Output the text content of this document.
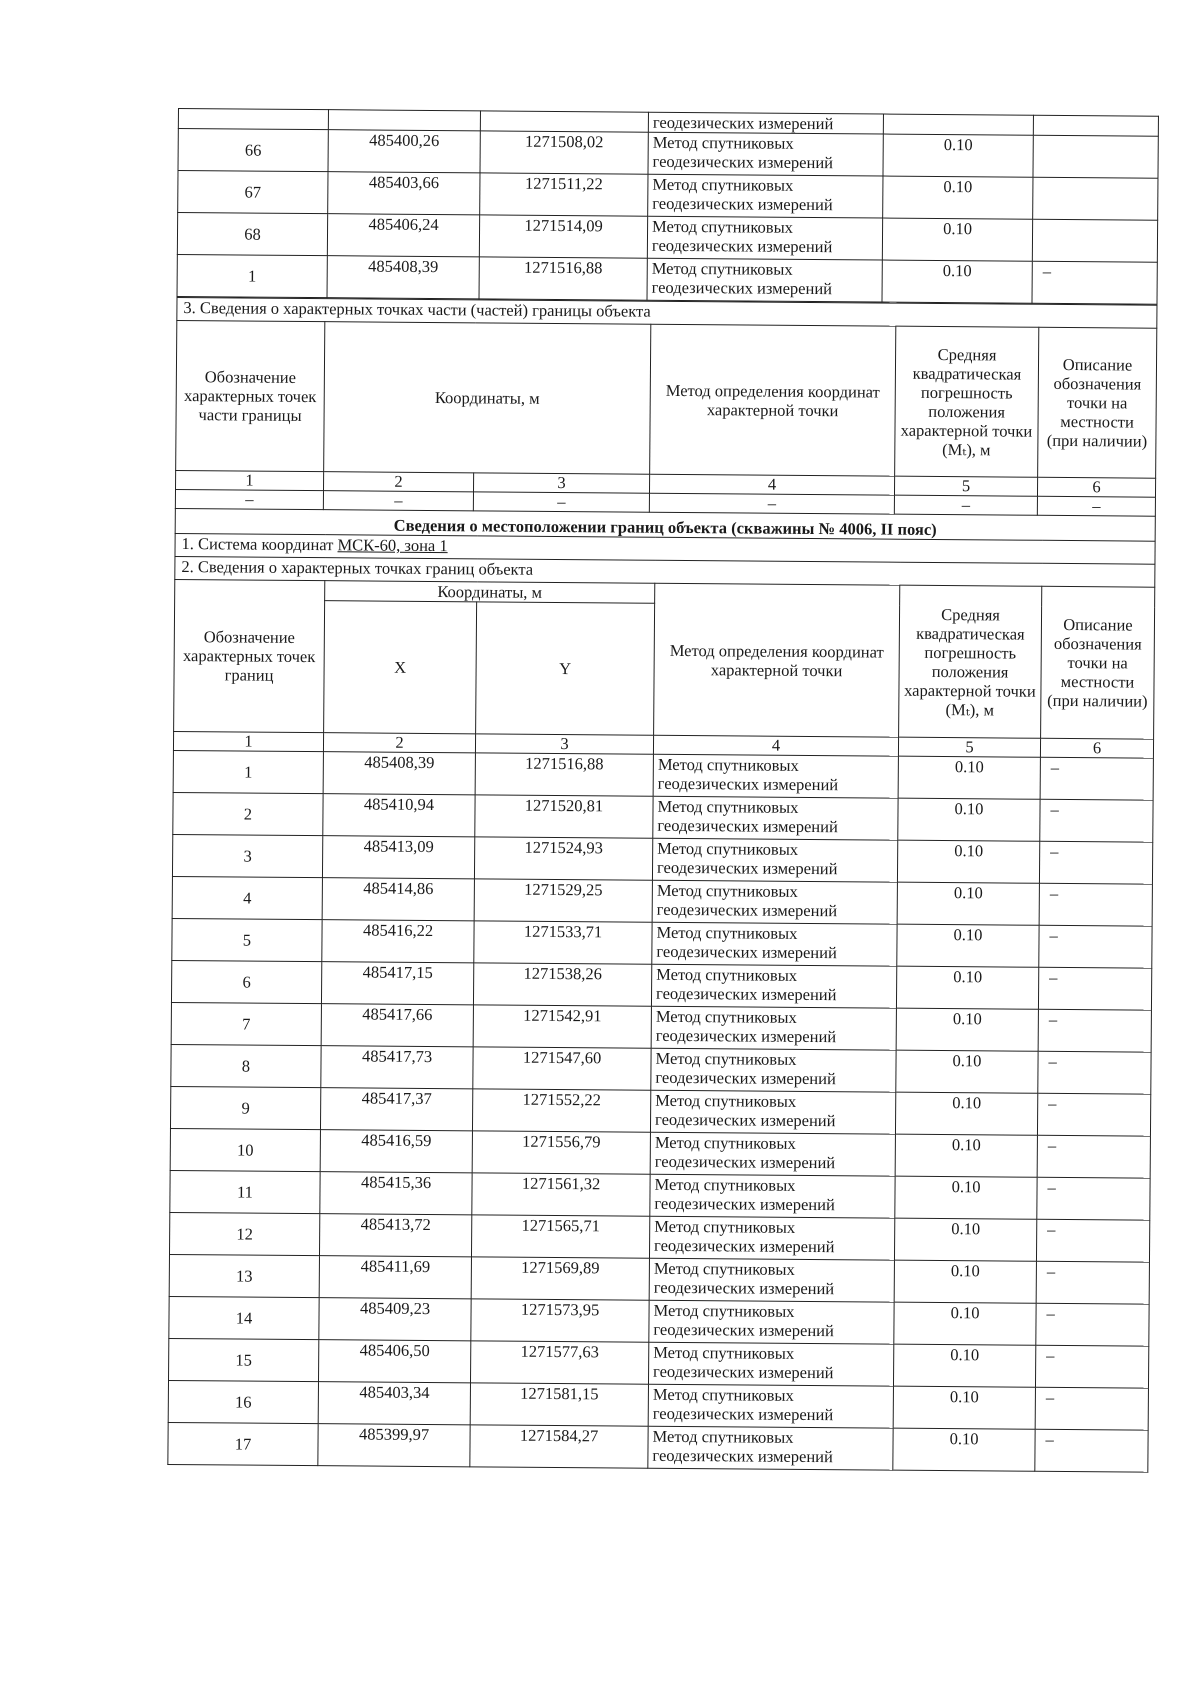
			геодезических измерений		
66	485400,26	1271508,02	Метод спутниковых геодезических измерений	0.10	
67	485403,66	1271511,22	Метод спутниковых геодезических измерений	0.10	
68	485406,24	1271514,09	Метод спутниковых геодезических измерений	0.10	
1	485408,39	1271516,88	Метод спутниковых геодезических измерений	0.10	–
3. Сведения о характерных точках части (частей) границы объекта					
Обозначение характерных точек части границы	Координаты, м		Метод определения координат характерной точки	Средняя квадратическая погрешность положения характерной точки (Mₜ), м	Описание обозначения точки на местности (при наличии)
1	2	3	4	5	6
–	–	–	–	–	–
Сведения о местоположении границ объекта (скважины № 4006, II пояс)					
1. Система координат МСК-60, зона 1					
2. Сведения о характерных точках границ объекта					
Обозначение характерных точек границ	Координаты, м		Метод определения координат характерной точки	Средняя квадратическая погрешность положения характерной точки (Mₜ), м	Описание обозначения точки на местности (при наличии)
	X	Y			
1	2	3	4	5	6
1	485408,39	1271516,88	Метод спутниковых геодезических измерений	0.10	–
2	485410,94	1271520,81	Метод спутниковых геодезических измерений	0.10	–
3	485413,09	1271524,93	Метод спутниковых геодезических измерений	0.10	–
4	485414,86	1271529,25	Метод спутниковых геодезических измерений	0.10	–
5	485416,22	1271533,71	Метод спутниковых геодезических измерений	0.10	–
6	485417,15	1271538,26	Метод спутниковых геодезических измерений	0.10	–
7	485417,66	1271542,91	Метод спутниковых геодезических измерений	0.10	–
8	485417,73	1271547,60	Метод спутниковых геодезических измерений	0.10	–
9	485417,37	1271552,22	Метод спутниковых геодезических измерений	0.10	–
10	485416,59	1271556,79	Метод спутниковых геодезических измерений	0.10	–
11	485415,36	1271561,32	Метод спутниковых геодезических измерений	0.10	–
12	485413,72	1271565,71	Метод спутниковых геодезических измерений	0.10	–
13	485411,69	1271569,89	Метод спутниковых геодезических измерений	0.10	–
14	485409,23	1271573,95	Метод спутниковых геодезических измерений	0.10	–
15	485406,50	1271577,63	Метод спутниковых геодезических измерений	0.10	–
16	485403,34	1271581,15	Метод спутниковых геодезических измерений	0.10	–
17	485399,97	1271584,27	Метод спутниковых геодезических измерений	0.10	–
